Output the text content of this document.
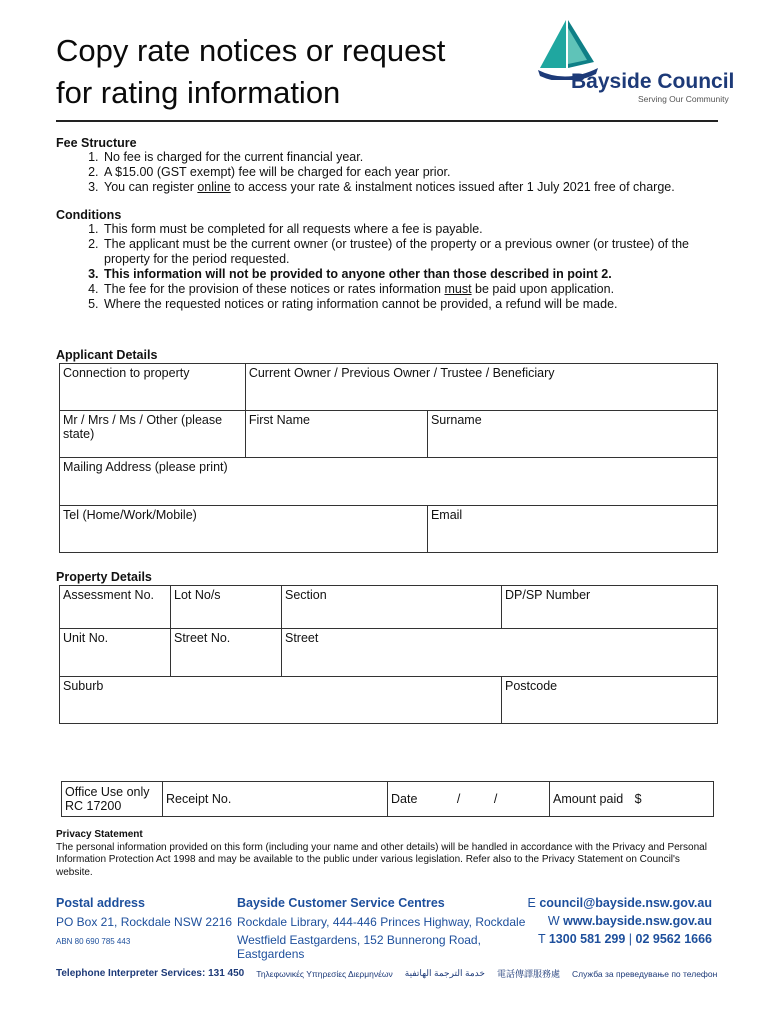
Copy rate notices or request
for rating information	Bayside Council
Serving Our Community
Fee Structure
1. No fee is charged for the current financial year.
2. A $15.00 (GST exempt) fee will be charged for each year prior.
3. You can register online to access your rate & instalment notices issued after 1 July 2021 free of charge.
Conditions
1. This form must be completed for all requests where a fee is payable.
2. The applicant must be the current owner (or trustee) of the property or a previous owner (or trustee) of the property for the period requested.
3. This information will not be provided to anyone other than those described in point 2.
4. The fee for the provision of these notices or rates information must be paid upon application.
5. Where the requested notices or rating information cannot be provided, a refund will be made.
Applicant Details
Connection to property	Current Owner / Previous Owner / Trustee / Beneficiary	
Mr / Mrs / Ms / Other (please state)	First Name	Surname
Mailing Address (please print)		
Tel (Home/Work/Mobile)		Email
Property Details
Assessment No.	Lot No/s	Section	DP/SP Number
Unit No.	Street No.	Street	
Suburb			Postcode
Office Use only
RC 17200	Receipt No.	Date	/	/	Amount paid $
Privacy Statement
The personal information provided on this form (including your name and other details) will be handled in accordance with the Privacy and Personal Information Protection Act 1998 and may be available to the public under various legislation. Refer also to the Privacy Statement on Council's website.
Postal address
PO Box 21, Rockdale NSW 2216
ABN 80 690 785 443
Bayside Customer Service Centres
Rockdale Library, 444-446 Princes Highway, Rockdale
Westfield Eastgardens, 152 Bunnerong Road, Eastgardens
E council@bayside.nsw.gov.au
W www.bayside.nsw.gov.au
T 1300 581 299 | 02 9562 1666
Telephone Interpreter Services: 131 450 Τηλεφωνικές Υπηρεσίες Διερμηνέων خدمة الترجمة الهاتفية 電話傳譯服務處 Служба за преведување по телефон
